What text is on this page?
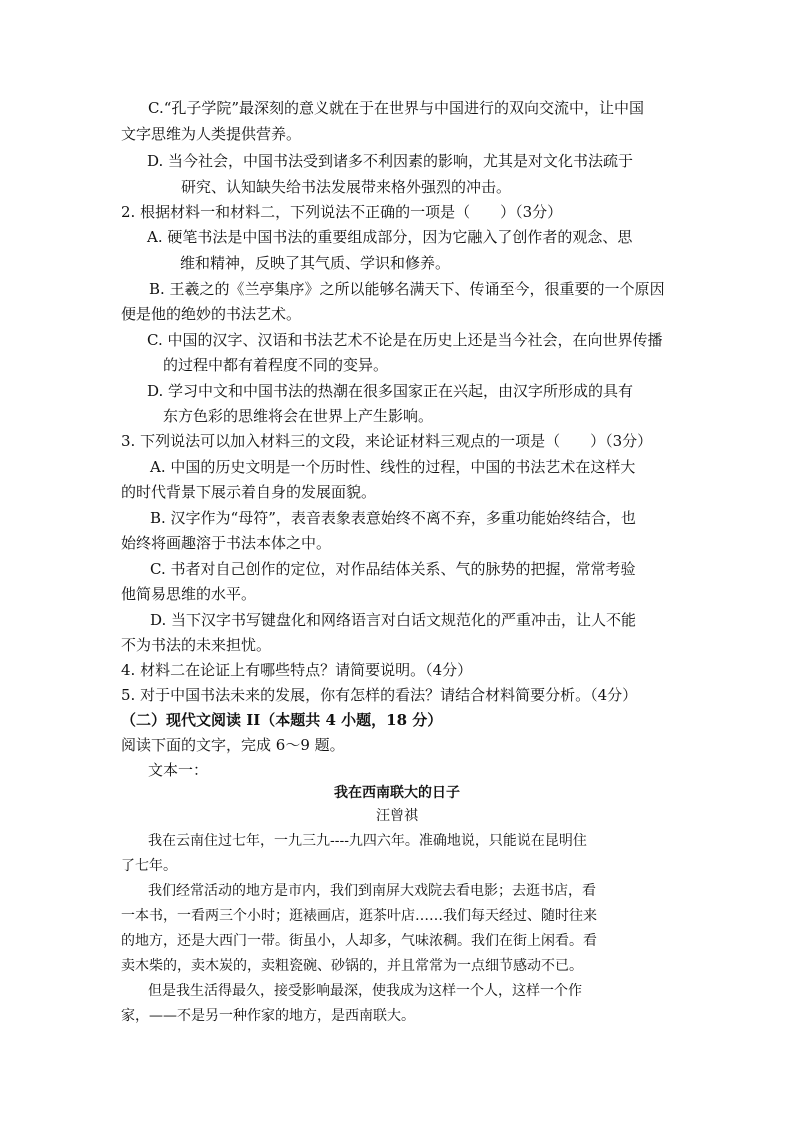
C.“孔子学院”最深刻的意义就在于在世界与中国进行的双向交流中，让中国
文字思维为人类提供营养。
D. 当今社会，中国书法受到诸多不利因素的影响，尤其是对文化书法疏于
研究、认知缺失给书法发展带来格外强烈的冲击。
2. 根据材料一和材料二，下列说法不正确的一项是（　　）（3分）
A. 硬笔书法是中国书法的重要组成部分，因为它融入了创作者的观念、思
维和精神，反映了其气质、学识和修养。
B. 王羲之的《兰亭集序》之所以能够名满天下、传诵至今，很重要的一个原因
便是他的绝妙的书法艺术。
C. 中国的汉字、汉语和书法艺术不论是在历史上还是当今社会，在向世界传播
的过程中都有着程度不同的变异。
D. 学习中文和中国书法的热潮在很多国家正在兴起，由汉字所形成的具有
东方色彩的思维将会在世界上产生影响。
3. 下列说法可以加入材料三的文段，来论证材料三观点的一项是（　　）（3分）
A. 中国的历史文明是一个历时性、线性的过程，中国的书法艺术在这样大
的时代背景下展示着自身的发展面貌。
B. 汉字作为“母符”，表音表象表意始终不离不弃，多重功能始终结合，也
始终将画趣溶于书法本体之中。
C. 书者对自己创作的定位，对作品结体关系、气的脉势的把握，常常考验
他简易思维的水平。
D. 当下汉字书写键盘化和网络语言对白话文规范化的严重冲击，让人不能
不为书法的未来担忧。
4. 材料二在论证上有哪些特点？请简要说明。（4分）
5. 对于中国书法未来的发展，你有怎样的看法？请结合材料简要分析。（4分）
（二）现代文阅读 II（本题共 4 小题，18 分）
阅读下面的文字，完成 6～9 题。
文本一：
我在西南联大的日子
汪曾祺
我在云南住过七年，一九三九----九四六年。准确地说，只能说在昆明住
了七年。
我们经常活动的地方是市内，我们到南屏大戏院去看电影；去逛书店，看
一本书，一看两三个小时；逛裱画店，逛茶叶店……我们每天经过、随时往来
的地方，还是大西门一带。街虽小，人却多，气味浓稠。我们在街上闲看。看
卖木柴的，卖木炭的，卖粗瓷碗、砂锅的，并且常常为一点细节感动不已。
但是我生活得最久，接受影响最深，使我成为这样一个人，这样一个作
家，——不是另一种作家的地方，是西南联大。
